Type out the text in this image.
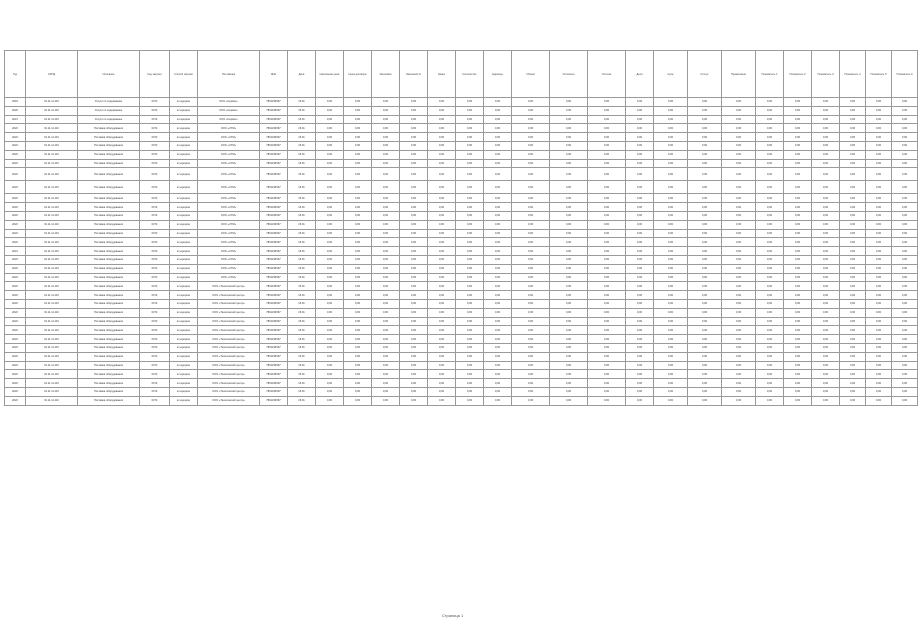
Год	ОКПД	Описание	Код закупки	Способ закупки	Поставщик	ИНН	Дата	Начальная цена	Цена договора	Экономия	Экономия %	Аванс	Количество	Единица	Объём	Оплачено	Остаток	Доля	Срок	Статус	Примечание	Показатель 1	Показатель 2	Показатель 3	Показатель 4	Показатель 5	Показатель 6
2019	01.11.11.110	Услуги по содержанию	0372	эл.аукцион	ООО «Сервис»	7801234567	15.01	0,00	0,00	0,00	0,00	0,00	0,00	0,00	0,00	0,00	0,00	0,00	0,00	0,00	0,00	0,00	0,00	0,00	0,00	0,00	0,00
2020	01.11.11.110	Услуги по содержанию	0372	эл.аукцион	ООО «Сервис»	7801234567	15.01	0,00	0,00	0,00	0,00	0,00	0,00	0,00	0,00	0,00	0,00	0,00	0,00	0,00	0,00	0,00	0,00	0,00	0,00	0,00	0,00
2021	01.11.11.110	Услуги по содержанию	0372	эл.аукцион	ООО «Сервис»	7801234567	15.01	0,00	0,00	0,00	0,00	0,00	0,00	0,00	0,00	0,00	0,00	0,00	0,00	0,00	0,00	0,00	0,00	0,00	0,00	0,00	0,00
2022	01.11.11.110	Поставка оборудования	0372	эл.аукцион	ООО «СТМ»	7801234567	15.01	0,00	0,00	0,00	0,00	0,00	0,00	0,00	0,00	0,00	0,00	0,00	0,00	0,00	0,00	0,00	0,00	0,00	0,00	0,00	0,00
2022	01.11.11.110	Поставка оборудования	0372	эл.аукцион	ООО «СТМ»	7801234567	15.01	0,00	0,00	0,00	0,00	0,00	0,00	0,00	0,00	0,00	0,00	0,00	0,00	0,00	0,00	0,00	0,00	0,00	0,00	0,00	0,00
2022	01.11.11.110	Поставка оборудования	0372	эл.аукцион	ООО «СТМ»	7801234567	15.01	0,00	0,00	0,00	0,00	0,00	0,00	0,00	0,00	0,00	0,00	0,00	0,00	0,00	0,00	0,00	0,00	0,00	0,00	0,00	0,00
2022	01.11.11.110	Поставка оборудования	0372	эл.аукцион	ООО «СТМ»	7801234567	15.01	0,00	0,00	0,00	0,00	0,00	0,00	0,00	0,00	0,00	0,00	0,00	0,00	0,00	0,00	0,00	0,00	0,00	0,00	0,00	0,00
2022	01.11.11.110	Поставка оборудования	0372	эл.аукцион	ООО «СТМ»	7801234567	15.01	0,00	0,00	0,00	0,00	0,00	0,00	0,00	0,00	0,00	0,00	0,00	0,00	0,00	0,00	0,00	0,00	0,00	0,00	0,00	0,00
2022	01.11.11.110	Поставка оборудования	0372	эл.аукцион	ООО «СТМ»	7801234567	15.01	0,00	0,00	0,00	0,00	0,00	0,00	0,00	0,00	0,00	0,00	0,00	0,00	0,00	0,00	0,00	0,00	0,00	0,00	0,00	0,00
2022	01.11.11.110	Поставка оборудования	0372	эл.аукцион	ООО «СТМ»	7801234567	15.01	0,00	0,00	0,00	0,00	0,00	0,00	0,00	0,00	0,00	0,00	0,00	0,00	0,00	0,00	0,00	0,00	0,00	0,00	0,00	0,00
2022	01.11.11.110	Поставка оборудования	0372	эл.аукцион	ООО «СТМ»	7801234567	15.01	0,00	0,00	0,00	0,00	0,00	0,00	0,00	0,00	0,00	0,00	0,00	0,00	0,00	0,00	0,00	0,00	0,00	0,00	0,00	0,00
2022	01.11.11.110	Поставка оборудования	0372	эл.аукцион	ООО «СТМ»	7801234567	15.01	0,00	0,00	0,00	0,00	0,00	0,00	0,00	0,00	0,00	0,00	0,00	0,00	0,00	0,00	0,00	0,00	0,00	0,00	0,00	0,00
2022	01.11.11.110	Поставка оборудования	0372	эл.аукцион	ООО «СТМ»	7801234567	15.01	0,00	0,00	0,00	0,00	0,00	0,00	0,00	0,00	0,00	0,00	0,00	0,00	0,00	0,00	0,00	0,00	0,00	0,00	0,00	0,00
2022	01.11.11.110	Поставка оборудования	0372	эл.аукцион	ООО «СТМ»	7801234567	15.01	0,00	0,00	0,00	0,00	0,00	0,00	0,00	0,00	0,00	0,00	0,00	0,00	0,00	0,00	0,00	0,00	0,00	0,00	0,00	0,00
2022	01.11.11.110	Поставка оборудования	0372	эл.аукцион	ООО «СТМ»	7801234567	15.01	0,00	0,00	0,00	0,00	0,00	0,00	0,00	0,00	0,00	0,00	0,00	0,00	0,00	0,00	0,00	0,00	0,00	0,00	0,00	0,00
2022	01.11.11.110	Поставка оборудования	0372	эл.аукцион	ООО «СТМ»	7801234567	15.01	0,00	0,00	0,00	0,00	0,00	0,00	0,00	0,00	0,00	0,00	0,00	0,00	0,00	0,00	0,00	0,00	0,00	0,00	0,00	0,00
2021	01.11.11.110	Поставка оборудования	0372	эл.аукцион	ООО «СТМ»	7801234567	15.01	0,00	0,00	0,00	0,00	0,00	0,00	0,00	0,00	0,00	0,00	0,00	0,00	0,00	0,00	0,00	0,00	0,00	0,00	0,00	0,00
2022	01.11.11.110	Поставка оборудования	0372	эл.аукцион	ООО «СТМ»	7801234567	15.01	0,00	0,00	0,00	0,00	0,00	0,00	0,00	0,00	0,00	0,00	0,00	0,00	0,00	0,00	0,00	0,00	0,00	0,00	0,00	0,00
2022	01.11.11.110	Поставка оборудования	0372	эл.аукцион	ООО «СТМ»	7801234567	15.01	0,00	0,00	0,00	0,00	0,00	0,00	0,00	0,00	0,00	0,00	0,00	0,00	0,00	0,00	0,00	0,00	0,00	0,00	0,00	0,00
2022	01.11.11.110	Поставка оборудования	0372	эл.аукцион	ООО «СТМ»	7801234567	15.01	0,00	0,00	0,00	0,00	0,00	0,00	0,00	0,00	0,00	0,00	0,00	0,00	0,00	0,00	0,00	0,00	0,00	0,00	0,00	0,00
2022	01.11.11.110	Поставка оборудования	0372	эл.аукцион	ООО «Технический центр»	7801234567	15.01	0,00	0,00	0,00	0,00	0,00	0,00	0,00	0,00	0,00	0,00	0,00	0,00	0,00	0,00	0,00	0,00	0,00	0,00	0,00	0,00
2022	01.11.11.110	Поставка оборудования	0372	эл.аукцион	ООО «Технический центр»	7801234567	15.01	0,00	0,00	0,00	0,00	0,00	0,00	0,00	0,00	0,00	0,00	0,00	0,00	0,00	0,00	0,00	0,00	0,00	0,00	0,00	0,00
2022	01.11.11.110	Поставка оборудования	0372	эл.аукцион	ООО «Технический центр»	7801234567	15.01	0,00	0,00	0,00	0,00	0,00	0,00	0,00	0,00	0,00	0,00	0,00	0,00	0,00	0,00	0,00	0,00	0,00	0,00	0,00	0,00
2022	01.11.11.110	Поставка оборудования	0372	эл.аукцион	ООО «Технический центр»	7801234567	15.01	0,00	0,00	0,00	0,00	0,00	0,00	0,00	0,00	0,00	0,00	0,00	0,00	0,00	0,00	0,00	0,00	0,00	0,00	0,00	0,00
2022	01.11.11.110	Поставка оборудования	0372	эл.аукцион	ООО «Технический центр»	7801234567	15.01	0,00	0,00	0,00	0,00	0,00	0,00	0,00	0,00	0,00	0,00	0,00	0,00	0,00	0,00	0,00	0,00	0,00	0,00	0,00	0,00
2022	01.11.11.110	Поставка оборудования	0372	эл.аукцион	ООО «Технический центр»	7801234567	15.01	0,00	0,00	0,00	0,00	0,00	0,00	0,00	0,00	0,00	0,00	0,00	0,00	0,00	0,00	0,00	0,00	0,00	0,00	0,00	0,00
2022	01.11.11.110	Поставка оборудования	0372	эл.аукцион	ООО «Технический центр»	7801234567	15.01	0,00	0,00	0,00	0,00	0,00	0,00	0,00	0,00	0,00	0,00	0,00	0,00	0,00	0,00	0,00	0,00	0,00	0,00	0,00	0,00
2022	01.11.11.110	Поставка оборудования	0372	эл.аукцион	ООО «Технический центр»	7801234567	15.01	0,00	0,00	0,00	0,00	0,00	0,00	0,00	0,00	0,00	0,00	0,00	0,00	0,00	0,00	0,00	0,00	0,00	0,00	0,00	0,00
2022	01.11.11.110	Поставка оборудования	0372	эл.аукцион	ООО «Технический центр»	7801234567	15.01	0,00	0,00	0,00	0,00	0,00	0,00	0,00	0,00	0,00	0,00	0,00	0,00	0,00	0,00	0,00	0,00	0,00	0,00	0,00	0,00
2022	01.11.11.110	Поставка оборудования	0372	эл.аукцион	ООО «Технический центр»	7801234567	15.01	0,00	0,00	0,00	0,00	0,00	0,00	0,00	0,00	0,00	0,00	0,00	0,00	0,00	0,00	0,00	0,00	0,00	0,00	0,00	0,00
2022	01.11.11.110	Поставка оборудования	0372	эл.аукцион	ООО «Технический центр»	7801234567	15.01	0,00	0,00	0,00	0,00	0,00	0,00	0,00	0,00	0,00	0,00	0,00	0,00	0,00	0,00	0,00	0,00	0,00	0,00	0,00	0,00
2022	01.11.11.110	Поставка оборудования	0372	эл.аукцион	ООО «Технический центр»	7801234567	15.01	0,00	0,00	0,00	0,00	0,00	0,00	0,00	0,00	0,00	0,00	0,00	0,00	0,00	0,00	0,00	0,00	0,00	0,00	0,00	0,00
2022	01.11.11.110	Поставка оборудования	0372	эл.аукцион	ООО «Технический центр»	7801234567	15.01	0,00	0,00	0,00	0,00	0,00	0,00	0,00	0,00	0,00	0,00	0,00	0,00	0,00	0,00	0,00	0,00	0,00	0,00	0,00	0,00
2022	01.11.11.110	Поставка оборудования	0372	эл.аукцион	ООО «Технический центр»	7801234567	15.01	0,00	0,00	0,00	0,00	0,00	0,00	0,00	0,00	0,00	0,00	0,00	0,00	0,00	0,00	0,00	0,00	0,00	0,00	0,00	0,00
Страница 1
